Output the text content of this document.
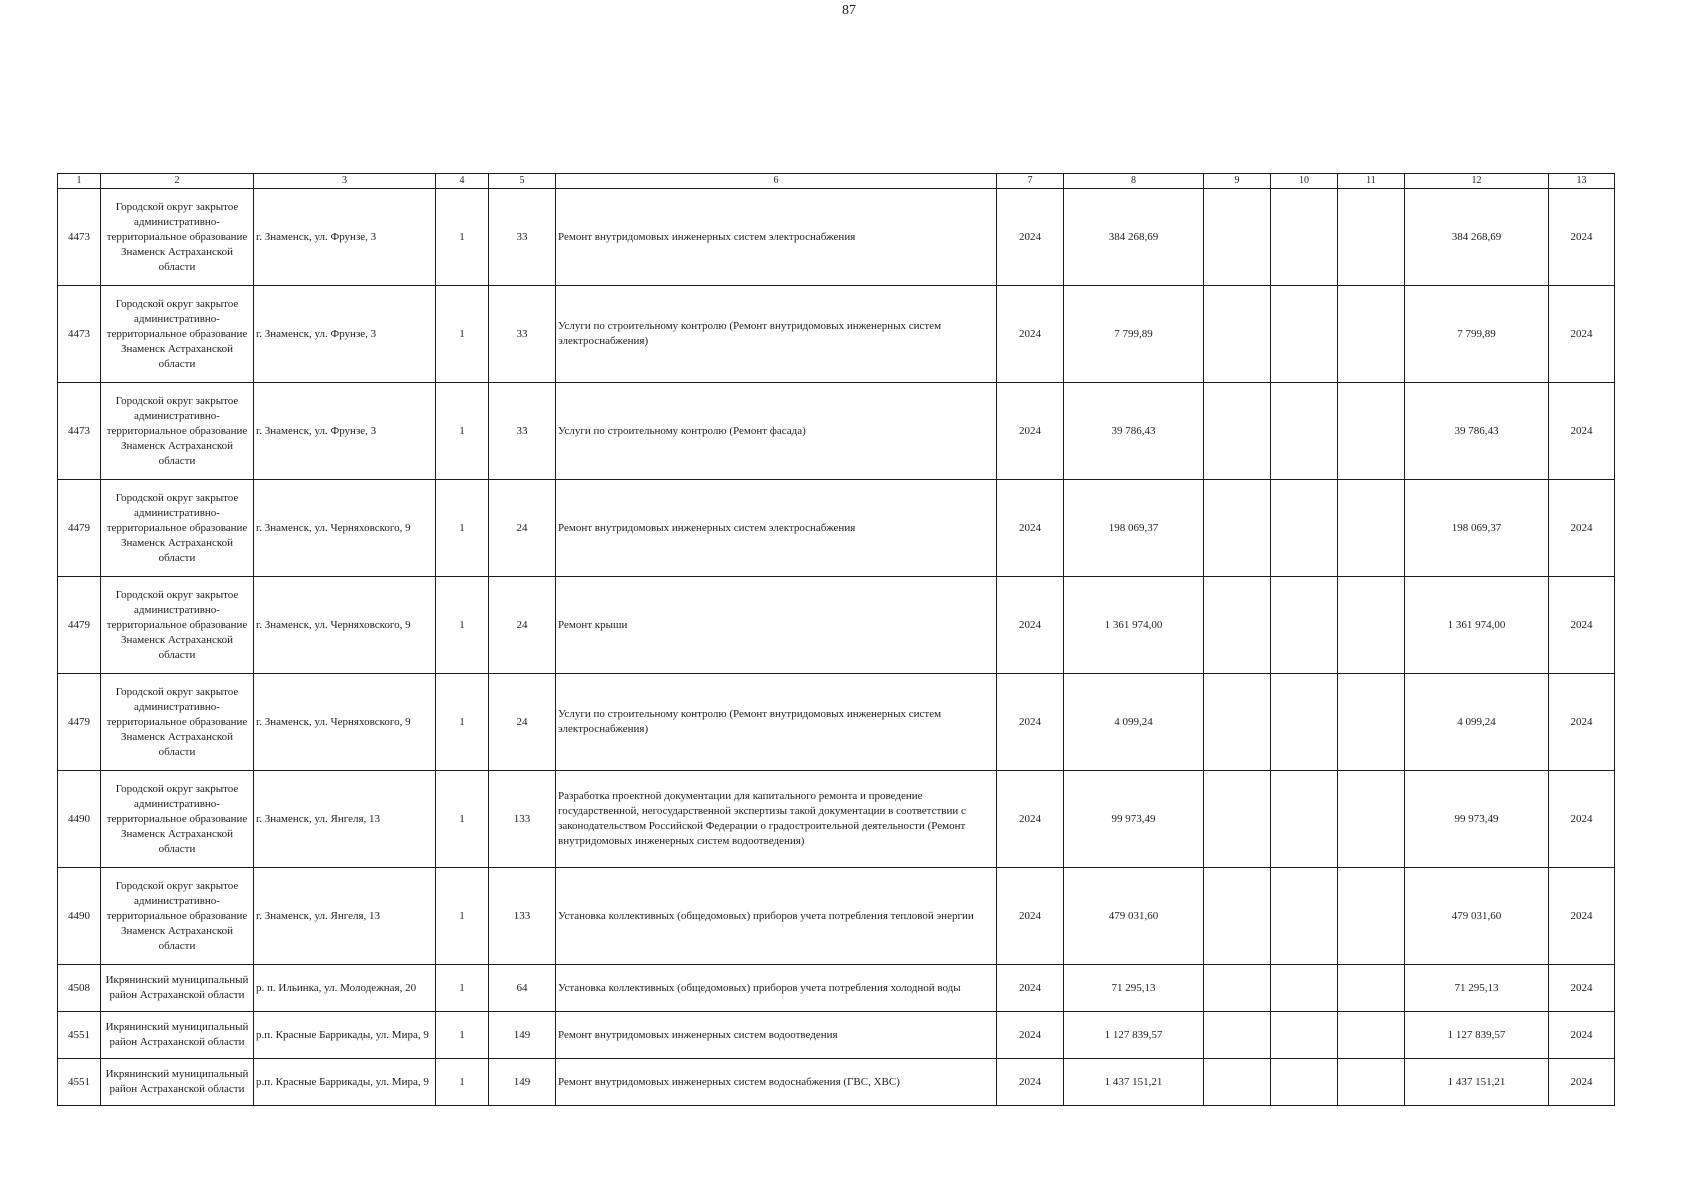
87
1	2	3	4	5	6	7	8	9	10	11	12	13
4473	Городской округ закрытое административно-территориальное образование Знаменск Астраханской области	г. Знаменск, ул. Фрунзе, 3	1	33	Ремонт внутридомовых инженерных систем электроснабжения	2024	384 268,69				384 268,69	2024
4473	Городской округ закрытое административно-территориальное образование Знаменск Астраханской области	г. Знаменск, ул. Фрунзе, 3	1	33	Услуги по строительному контролю (Ремонт внутридомовых инженерных систем электроснабжения)	2024	7 799,89				7 799,89	2024
4473	Городской округ закрытое административно-территориальное образование Знаменск Астраханской области	г. Знаменск, ул. Фрунзе, 3	1	33	Услуги по строительному контролю (Ремонт фасада)	2024	39 786,43				39 786,43	2024
4479	Городской округ закрытое административно-территориальное образование Знаменск Астраханской области	г. Знаменск, ул. Черняховского, 9	1	24	Ремонт внутридомовых инженерных систем электроснабжения	2024	198 069,37				198 069,37	2024
4479	Городской округ закрытое административно-территориальное образование Знаменск Астраханской области	г. Знаменск, ул. Черняховского, 9	1	24	Ремонт крыши	2024	1 361 974,00				1 361 974,00	2024
4479	Городской округ закрытое административно-территориальное образование Знаменск Астраханской области	г. Знаменск, ул. Черняховского, 9	1	24	Услуги по строительному контролю (Ремонт внутридомовых инженерных систем электроснабжения)	2024	4 099,24				4 099,24	2024
4490	Городской округ закрытое административно-территориальное образование Знаменск Астраханской области	г. Знаменск, ул. Янгеля, 13	1	133	Разработка проектной документации для капитального ремонта и проведение государственной, негосударственной экспертизы такой документации в соответствии с законодательством Российской Федерации о градостроительной деятельности (Ремонт внутридомовых инженерных систем водоотведения)	2024	99 973,49				99 973,49	2024
4490	Городской округ закрытое административно-территориальное образование Знаменск Астраханской области	г. Знаменск, ул. Янгеля, 13	1	133	Установка коллективных (общедомовых) приборов учета потребления тепловой энергии	2024	479 031,60				479 031,60	2024
4508	Икрянинский муниципальный район Астраханской области	р. п. Ильинка, ул. Молодежная, 20	1	64	Установка коллективных (общедомовых) приборов учета потребления холодной воды	2024	71 295,13				71 295,13	2024
4551	Икрянинский муниципальный район Астраханской области	р.п. Красные Баррикады, ул. Мира, 9	1	149	Ремонт внутридомовых инженерных систем водоотведения	2024	1 127 839,57				1 127 839,57	2024
4551	Икрянинский муниципальный район Астраханской области	р.п. Красные Баррикады, ул. Мира, 9	1	149	Ремонт внутридомовых инженерных систем водоснабжения (ГВС, ХВС)	2024	1 437 151,21				1 437 151,21	2024
